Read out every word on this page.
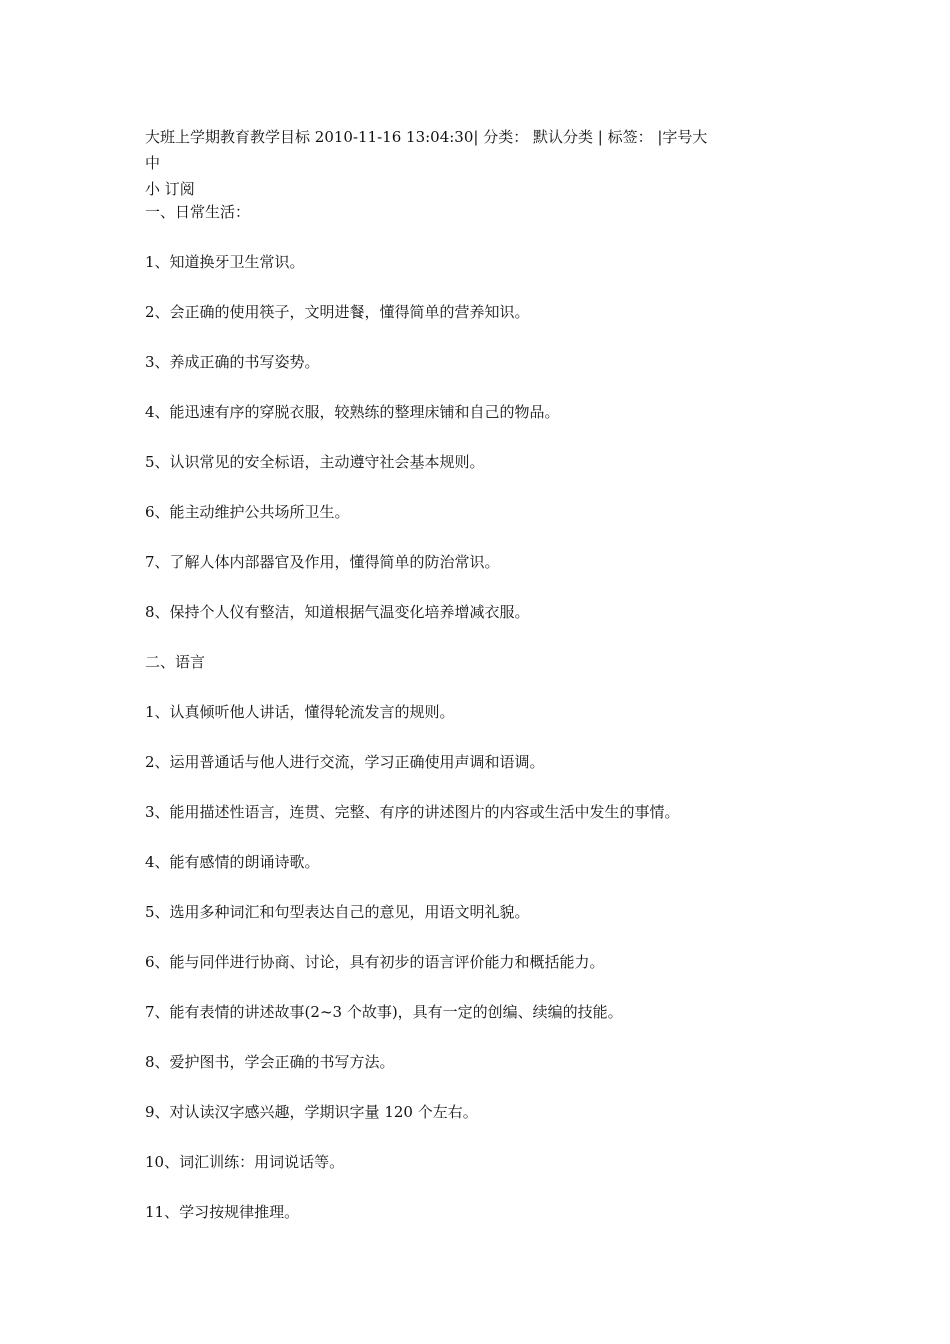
大班上学期教育教学目标 2010-11-16 13:04:30| 分类： 默认分类 | 标签： |字号大
中
小 订阅

一、日常生活：

1、知道换牙卫生常识。

2、会正确的使用筷子，文明进餐，懂得简单的营养知识。

3、养成正确的书写姿势。

4、能迅速有序的穿脱衣服，较熟练的整理床铺和自己的物品。

5、认识常见的安全标语，主动遵守社会基本规则。

6、能主动维护公共场所卫生。

7、了解人体内部器官及作用，懂得简单的防治常识。

8、保持个人仪有整洁，知道根据气温变化培养增减衣服。

二、语言

1、认真倾听他人讲话，懂得轮流发言的规则。

2、运用普通话与他人进行交流，学习正确使用声调和语调。

3、能用描述性语言，连贯、完整、有序的讲述图片的内容或生活中发生的事情。

4、能有感情的朗诵诗歌。

5、选用多种词汇和句型表达自己的意见，用语文明礼貌。

6、能与同伴进行协商、讨论，具有初步的语言评价能力和概括能力。

7、能有表情的讲述故事(2~3 个故事)，具有一定的创编、续编的技能。

8、爱护图书，学会正确的书写方法。

9、对认读汉字感兴趣，学期识字量 120 个左右。

10、词汇训练：用词说话等。

11、学习按规律推理。
